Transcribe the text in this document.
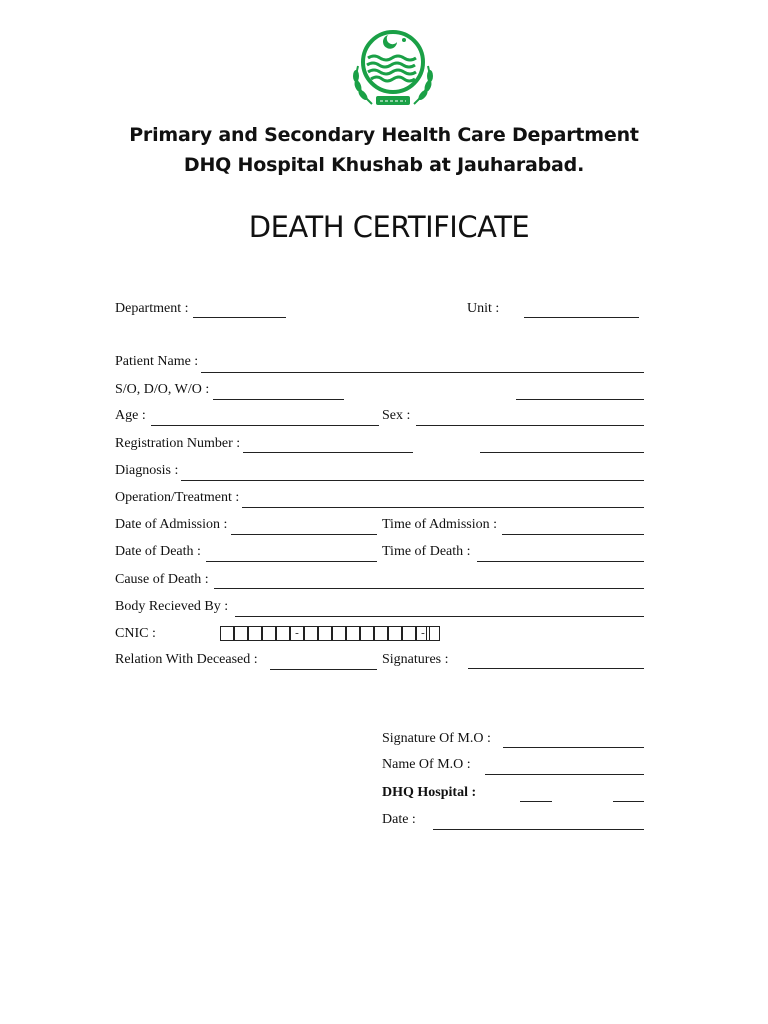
Primary and Secondary Health Care Department
DHQ Hospital Khushab at Jauharabad.
DEATH CERTIFICATE
Department :	Unit :
Patient Name :
S/O, D/O, W/O :
Age :	Sex :
Registration Number :
Diagnosis :
Operation/Treatment :
Date of Admission :	Time of Admission :
Date of Death :	Time of Death :
Cause of Death :
Body Recieved By :
CNIC :	-	-
Relation With Deceased :	Signatures :
Signature Of M.O :
Name Of M.O :
DHQ Hospital :
Date :
